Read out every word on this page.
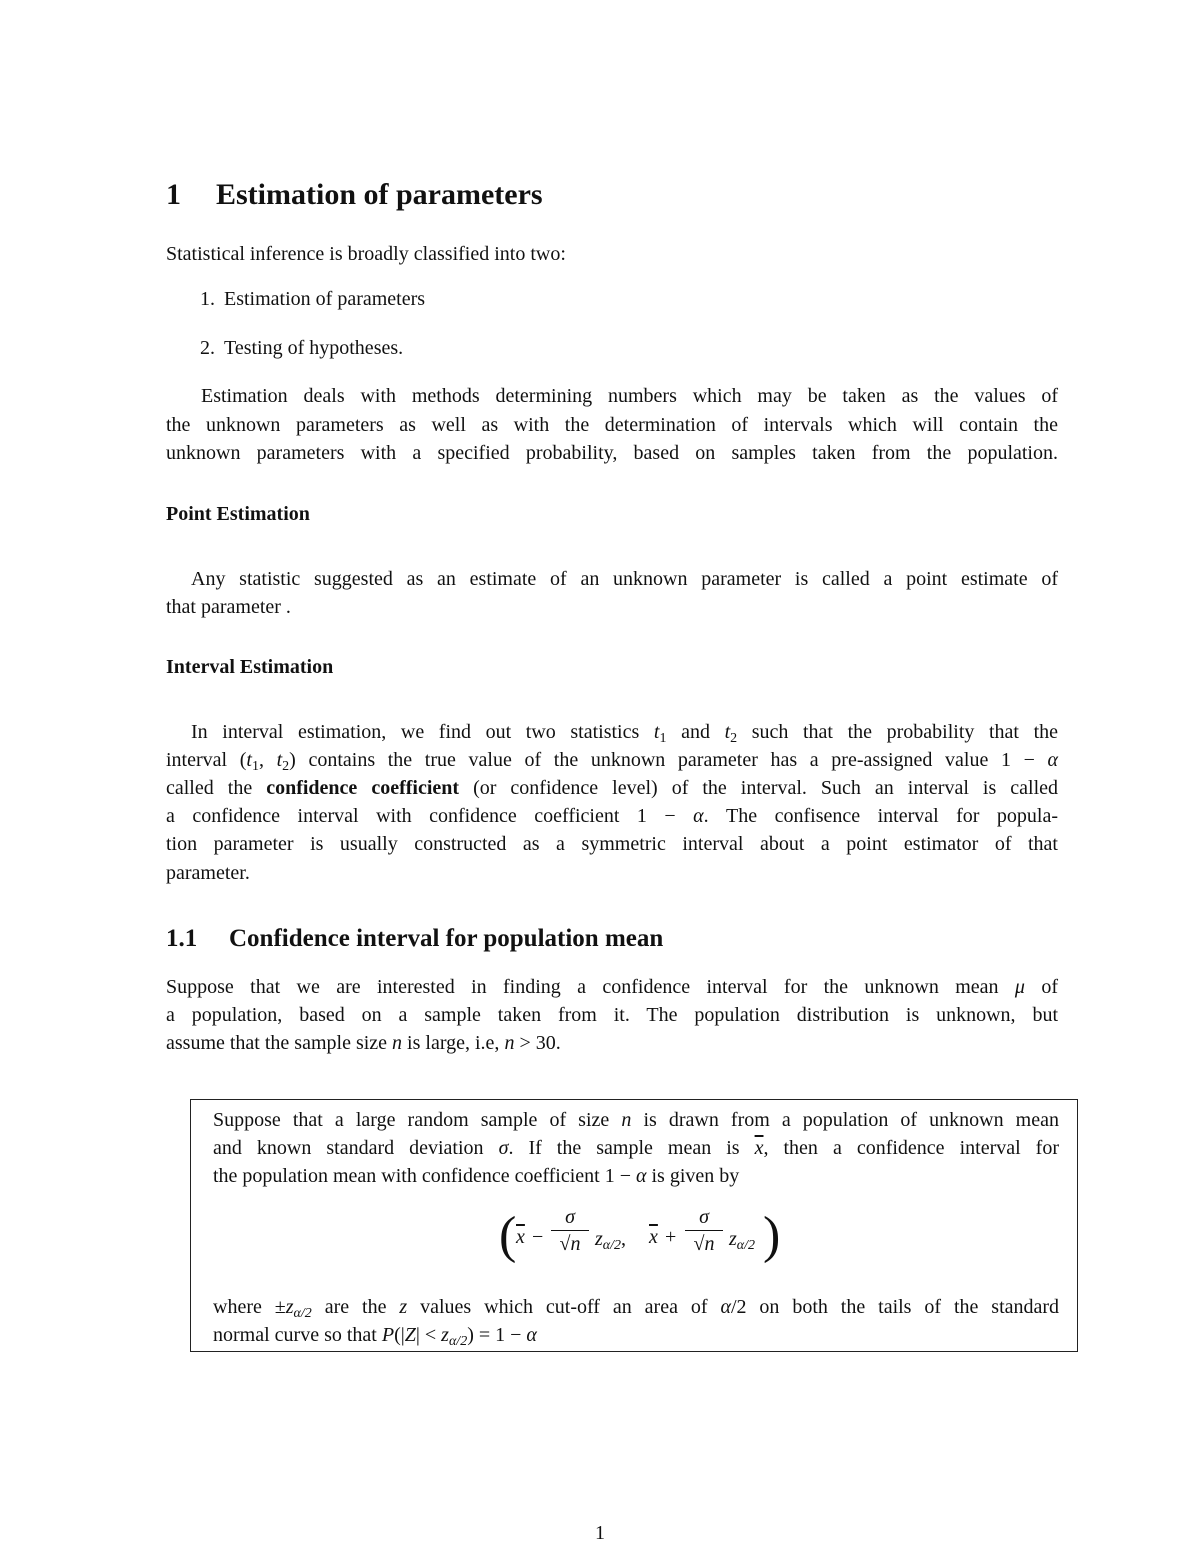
1 Estimation of parameters

Statistical inference is broadly classified into two:

1. Estimation of parameters

2. Testing of hypotheses.

Estimation deals with methods determining numbers which may be taken as the values of

the unknown parameters as well as with the determination of intervals which will contain the

unknown parameters with a specified probability, based on samples taken from the population.

Point Estimation

Any statistic suggested as an estimate of an unknown parameter is called a point estimate of

that parameter .

Interval Estimation

In interval estimation, we find out two statistics $t_1$ and $t_2$ such that the probability that the

interval ($t_1$, $t_2$) contains the true value of the unknown parameter has a pre-assigned value 1 − α

called the confidence coefficient (or confidence level) of the interval. Such an interval is called

a confidence interval with confidence coefficient 1 − α. The confisence interval for popula-

tion parameter is usually constructed as a symmetric interval about a point estimator of that

parameter.

1.1 Confidence interval for population mean

Suppose that we are interested in finding a confidence interval for the unknown mean μ of

a population, based on a sample taken from it. The population distribution is unknown, but

assume that the sample size n is large, i.e, n > 30.

Suppose that a large random sample of size n is drawn from a population of unknown mean

and known standard deviation σ. If the sample mean is $\overline{x}$, then a confidence interval for

the population mean with confidence coefficient 1 − α is given by

( $\overline{x}$ −
σ
√n $z_{\alpha/2}$, $\overline{x}$ +
σ
√n $z_{\alpha/2}$ )

where $\pm z_{\alpha/2}$ are the z values which cut-off an area of α/2 on both the tails of the standard

normal curve so that $P(|Z| < z_{\alpha/2}) = 1 - \alpha$

1
